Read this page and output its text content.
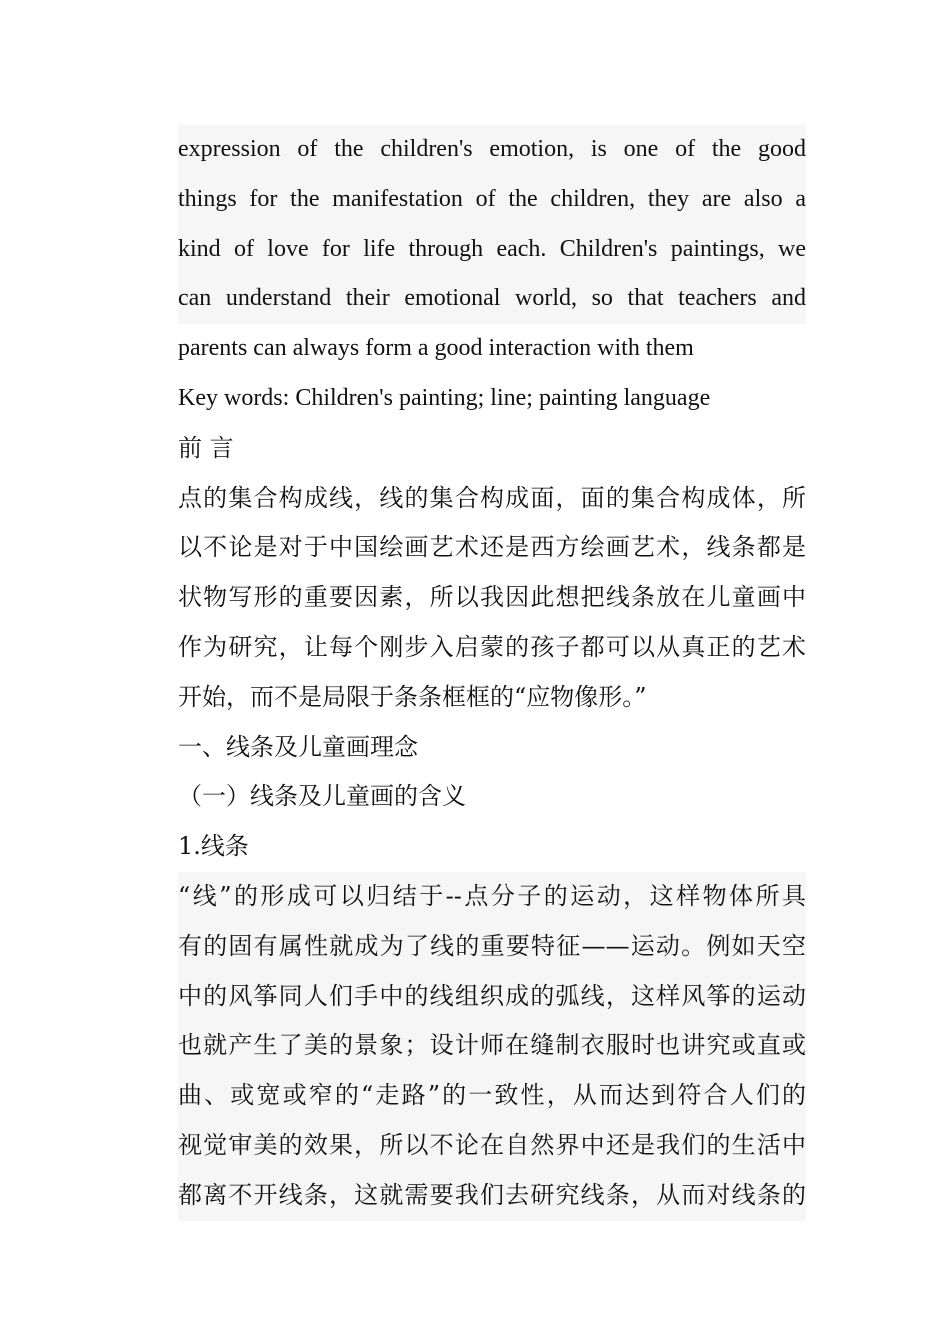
expression of the children's emotion, is one of the good
things for the manifestation of the children, they are also a
kind of love for life through each. Children's paintings, we
can understand their emotional world, so that teachers and
parents can always form a good interaction with them
Key words: Children's painting; line; painting language
前 言
点的集合构成线，线的集合构成面，面的集合构成体，所
以不论是对于中国绘画艺术还是西方绘画艺术，线条都是
状物写形的重要因素，所以我因此想把线条放在儿童画中
作为研究，让每个刚步入启蒙的孩子都可以从真正的艺术
开始，而不是局限于条条框框的“应物像形。”
一、线条及儿童画理念
（一）线条及儿童画的含义
1.线条
“线”的形成可以归结于--点分子的运动，这样物体所具
有的固有属性就成为了线的重要特征——运动。例如天空
中的风筝同人们手中的线组织成的弧线，这样风筝的运动
也就产生了美的景象；设计师在缝制衣服时也讲究或直或
曲、或宽或窄的“走路”的一致性，从而达到符合人们的
视觉审美的效果，所以不论在自然界中还是我们的生活中
都离不开线条，这就需要我们去研究线条，从而对线条的
